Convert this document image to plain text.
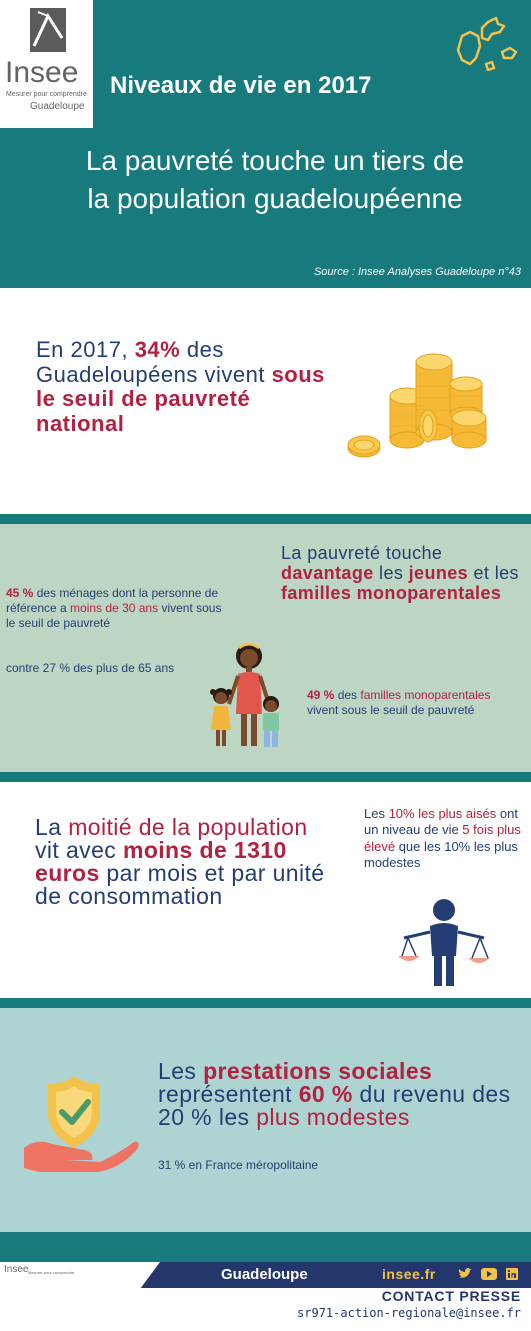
Insee
Mesurer pour comprendre
Guadeloupe
Niveaux de vie en 2017
La pauvreté touche un tiers de
la population guadeloupéenne
Source : Insee Analyses Guadeloupe n°43
En 2017, 34% des Guadeloupéens vivent sous le seuil de pauvreté national
La pauvreté touche davantage les jeunes et les familles monoparentales
45 % des ménages dont la personne de référence a moins de 30 ans vivent sous le seuil de pauvreté
contre 27 % des plus de 65 ans
49 % des familles monoparentales vivent sous le seuil de pauvreté
La moitié de la population vit avec moins de 1310 euros par mois et par unité de consommation
Les 10% les plus aisés ont un niveau de vie 5 fois plus élevé que les 10% les plus modestes
Les prestations sociales représentent 60 % du revenu des 20 % les plus modestes
31 % en France méropolitaine
Insee Mesurer pour comprendre	Guadeloupe	insee.fr

CONTACT PRESSE
sr971-action-regionale@insee.fr
